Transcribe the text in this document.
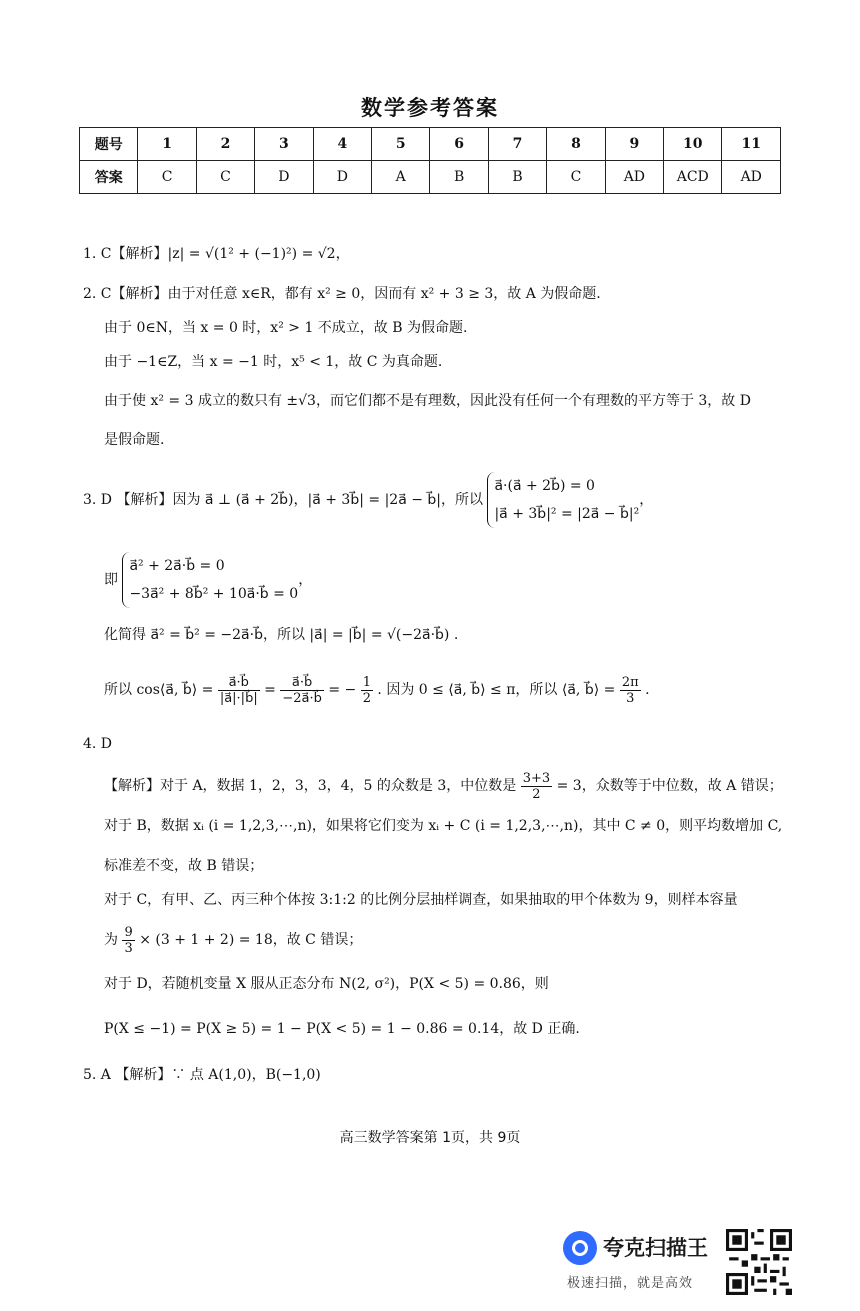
数学参考答案
题号	1	2	3	4	5	6	7	8	9	10	11
答案	C	C	D	D	A	B	B	C	AD	ACD	AD
1. C【解析】|z| = √(1² + (−1)²) = √2，
2. C【解析】由于对任意 x∈R，都有 x² ≥ 0，因而有 x² + 3 ≥ 3，故 A 为假命题.
由于 0∈N，当 x = 0 时，x² > 1 不成立，故 B 为假命题.
由于 −1∈Z，当 x = −1 时，x⁵ < 1，故 C 为真命题.
由于使 x² = 3 成立的数只有 ±√3，而它们都不是有理数，因此没有任何一个有理数的平方等于 3，故 D
是假命题.
3. D 【解析】因为 a⃗ ⊥ (a⃗ + 2b⃗)，|a⃗ + 3b⃗| = |2a⃗ − b⃗|，所以
a⃗·(a⃗ + 2b⃗) = 0
|a⃗ + 3b⃗|² = |2a⃗ − b⃗|²
，
即
a⃗² + 2a⃗·b⃗ = 0
−3a⃗² + 8b⃗² + 10a⃗·b⃗ = 0
，
化简得 a⃗² = b⃗² = −2a⃗·b⃗，所以 |a⃗| = |b⃗| = √(−2a⃗·b⃗) .
所以 cos⟨a⃗, b⃗⟩ = $\frac{a⃗\cdot b⃗}{|a⃗|\cdot|b⃗|} = \frac{a⃗\cdot b⃗}{-2a⃗\cdot b⃗}$ = − $\frac{1}{2}$ . 因为 0 ≤ ⟨a⃗, b⃗⟩ ≤ π，所以 ⟨a⃗, b⃗⟩ = $\frac{2\pi}{3}$ .
4. D
【解析】对于 A，数据 1，2，3，3，4，5 的众数是 3，中位数是 $\frac{3+3}{2} = 3$，众数等于中位数，故 A 错误；
对于 B，数据 xᵢ (i = 1,2,3,⋯,n)，如果将它们变为 xᵢ + C (i = 1,2,3,⋯,n)，其中 C ≠ 0，则平均数增加 C,
标准差不变，故 B 错误；
对于 C，有甲、乙、丙三种个体按 3:1:2 的比例分层抽样调查，如果抽取的甲个体数为 9，则样本容量
为 $\frac{9}{3} \times (3 + 1 + 2) = 18$，故 C 错误；
对于 D，若随机变量 X 服从正态分布 N(2, σ²)，P(X < 5) = 0.86，则
P(X ≤ −1) = P(X ≥ 5) = 1 − P(X < 5) = 1 − 0.86 = 0.14，故 D 正确.
5. A 【解析】∵ 点 A(1,0)，B(−1,0)
高三数学答案第 1页，共 9页
夸克扫描王
极速扫描，就是高效
